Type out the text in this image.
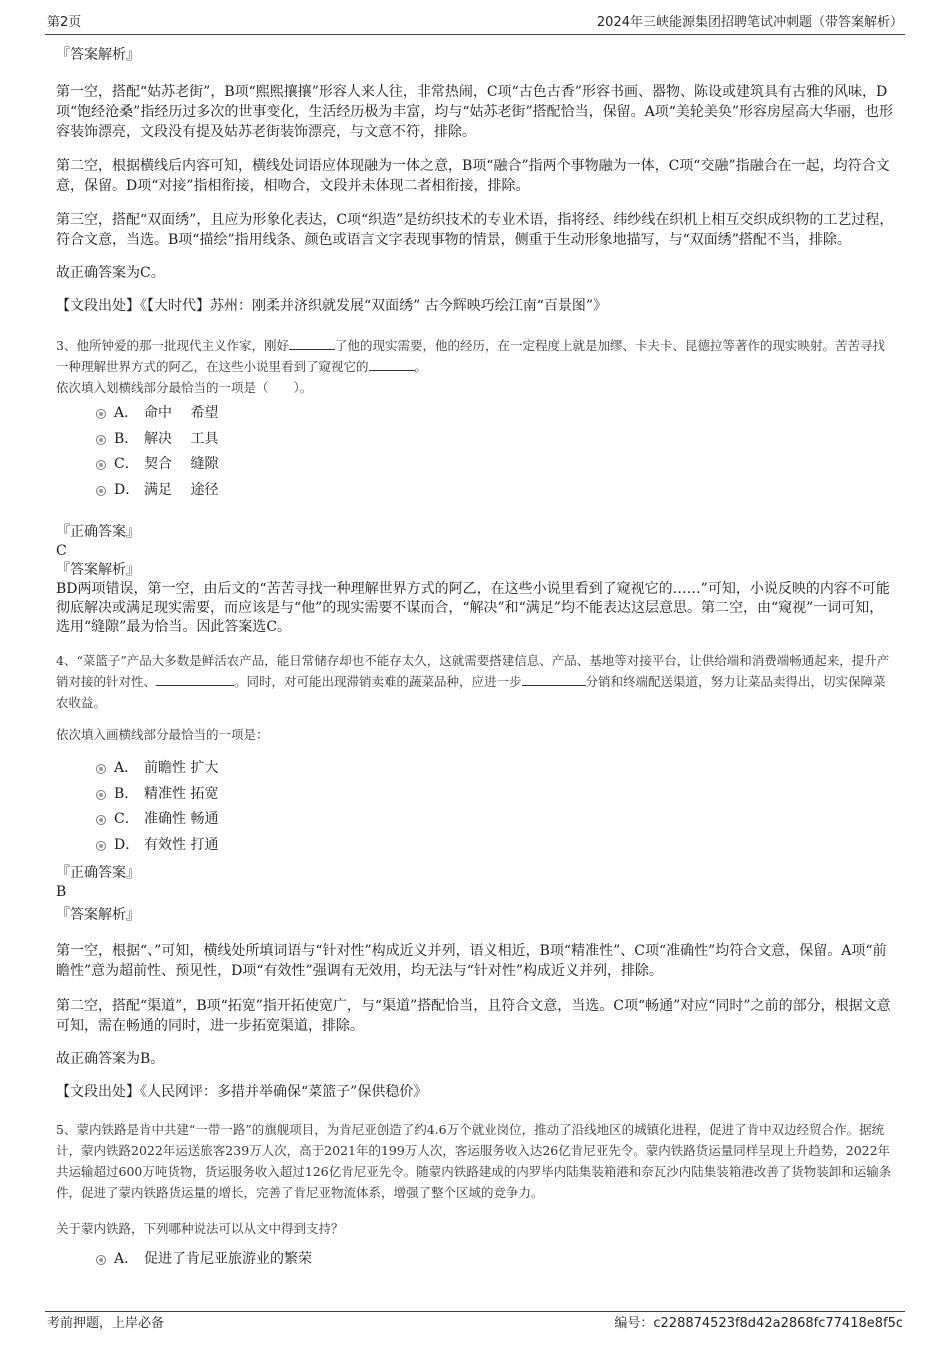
第2页	2024年三峡能源集团招聘笔试冲刺题（带答案解析）

『答案解析』

第一空，搭配“姑苏老街”，B项“熙熙攘攘”形容人来人往，非常热闹，C项“古色古香”形容书画、器物、陈设或建筑具有古雅的风味，D项“饱经沧桑”指经历过多次的世事变化，生活经历极为丰富，均与“姑苏老街”搭配恰当，保留。A项“美轮美奂”形容房屋高大华丽，也形容装饰漂亮，文段没有提及姑苏老街装饰漂亮，与文意不符，排除。

第二空，根据横线后内容可知，横线处词语应体现融为一体之意，B项“融合”指两个事物融为一体，C项“交融”指融合在一起，均符合文意，保留。D项“对接”指相衔接，相吻合，文段并未体现二者相衔接，排除。

第三空，搭配“双面绣”，且应为形象化表达，C项“织造”是纺织技术的专业术语，指将经、纬纱线在织机上相互交织成织物的工艺过程，符合文意，当选。B项“描绘”指用线条、颜色或语言文字表现事物的情景，侧重于生动形象地描写，与“双面绣”搭配不当，排除。

故正确答案为C。

【文段出处】《【大时代】苏州：刚柔并济织就发展“双面绣” 古今辉映巧绘江南“百景图”》

3、他所钟爱的那一批现代主义作家，刚好	了他的现实需要，他的经历，在一定程度上就是加缪、卡夫卡、昆德拉等著作的现实映射。苦苦寻找一种理解世界方式的阿乙，在这些小说里看到了窥视它的	。

依次填入划横线部分最恰当的一项是（　　）。

A． 命中　 希望
B． 解决　 工具
C． 契合　 缝隙
D． 满足　 途径

『正确答案』

C

『答案解析』

BD两项错误，第一空，由后文的“苦苦寻找一种理解世界方式的阿乙，在这些小说里看到了窥视它的……”可知，小说反映的内容不可能彻底解决或满足现实需要，而应该是与“他”的现实需要不谋而合，“解决”和“满足”均不能表达这层意思。第二空，由“窥视”一词可知，选用“缝隙”最为恰当。因此答案选C。

4、“菜篮子”产品大多数是鲜活农产品，能日常储存却也不能存太久，这就需要搭建信息、产品、基地等对接平台，让供给端和消费端畅通起来，提升产销对接的针对性、	。同时，对可能出现滞销卖难的蔬菜品种，应进一步	分销和终端配送渠道，努力让菜品卖得出，切实保障菜农收益。

依次填入画横线部分最恰当的一项是：

A． 前瞻性 扩大
B． 精准性 拓宽
C． 准确性 畅通
D． 有效性 打通

『正确答案』

B

『答案解析』

第一空，根据“、”可知，横线处所填词语与“针对性”构成近义并列，语义相近，B项“精准性”、C项“准确性”均符合文意，保留。A项“前瞻性”意为超前性、预见性，D项“有效性”强调有无效用，均无法与“针对性”构成近义并列，排除。

第二空，搭配“渠道”，B项“拓宽”指开拓使宽广，与“渠道”搭配恰当，且符合文意，当选。C项“畅通”对应“同时”之前的部分，根据文意可知，需在畅通的同时，进一步拓宽渠道，排除。

故正确答案为B。

【文段出处】《人民网评：多措并举确保“菜篮子”保供稳价》

5、蒙内铁路是肯中共建“一带一路”的旗舰项目，为肯尼亚创造了约4.6万个就业岗位，推动了沿线地区的城镇化进程，促进了肯中双边经贸合作。据统计，蒙内铁路2022年运送旅客239万人次，高于2021年的199万人次，客运服务收入达26亿肯尼亚先令。蒙内铁路货运量同样呈现上升趋势，2022年共运输超过600万吨货物，货运服务收入超过126亿肯尼亚先令。随蒙内铁路建成的内罗毕内陆集装箱港和奈瓦沙内陆集装箱港改善了货物装卸和运输条件，促进了蒙内铁路货运量的增长，完善了肯尼亚物流体系，增强了整个区域的竞争力。

关于蒙内铁路，下列哪种说法可以从文中得到支持？

A． 促进了肯尼亚旅游业的繁荣
考前押题，上岸必备	编号：c228874523f8d42a2868fc77418e8f5c
